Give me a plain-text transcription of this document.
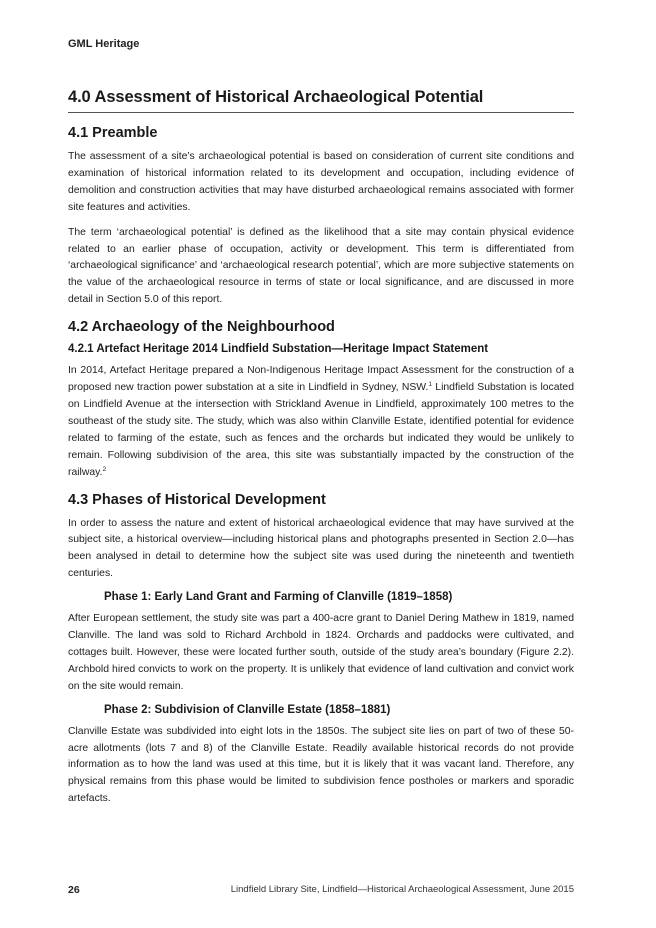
GML Heritage
4.0 Assessment of Historical Archaeological Potential
4.1 Preamble

The assessment of a site’s archaeological potential is based on consideration of current site conditions and examination of historical information related to its development and occupation, including evidence of demolition and construction activities that may have disturbed archaeological remains associated with former site features and activities.

The term ‘archaeological potential’ is defined as the likelihood that a site may contain physical evidence related to an earlier phase of occupation, activity or development. This term is differentiated from ‘archaeological significance’ and ‘archaeological research potential’, which are more subjective statements on the value of the archaeological resource in terms of state or local significance, and are discussed in more detail in Section 5.0 of this report.

4.2 Archaeology of the Neighbourhood
4.2.1 Artefact Heritage 2014 Lindfield Substation—Heritage Impact Statement

In 2014, Artefact Heritage prepared a Non-Indigenous Heritage Impact Assessment for the construction of a proposed new traction power substation at a site in Lindfield in Sydney, NSW.$^1$ Lindfield Substation is located on Lindfield Avenue at the intersection with Strickland Avenue in Lindfield, approximately 100 metres to the southeast of the study site. The study, which was also within Clanville Estate, identified potential for evidence related to farming of the estate, such as fences and the orchards but indicated they would be unlikely to remain. Following subdivision of the area, this site was substantially impacted by the construction of the railway.$^2$

4.3 Phases of Historical Development

In order to assess the nature and extent of historical archaeological evidence that may have survived at the subject site, a historical overview—including historical plans and photographs presented in Section 2.0—has been analysed in detail to determine how the subject site was used during the nineteenth and twentieth centuries.

Phase 1: Early Land Grant and Farming of Clanville (1819–1858)

After European settlement, the study site was part a 400-acre grant to Daniel Dering Mathew in 1819, named Clanville. The land was sold to Richard Archbold in 1824. Orchards and paddocks were cultivated, and cottages built. However, these were located further south, outside of the study area’s boundary (Figure 2.2). Archbold hired convicts to work on the property. It is unlikely that evidence of land cultivation and convict work on the site would remain.

Phase 2: Subdivision of Clanville Estate (1858–1881)

Clanville Estate was subdivided into eight lots in the 1850s. The subject site lies on part of two of these 50-acre allotments (lots 7 and 8) of the Clanville Estate. Readily available historical records do not provide information as to how the land was used at this time, but it is likely that it was vacant land. Therefore, any physical remains from this phase would be limited to subdivision fence postholes or markers and sporadic artefacts.

26	Lindfield Library Site, Lindfield—Historical Archaeological Assessment, June 2015
